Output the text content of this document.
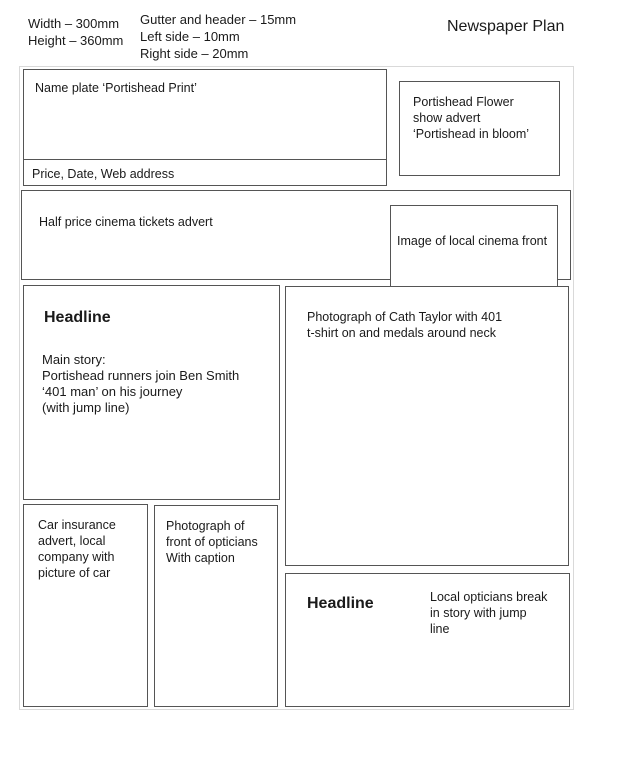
Width – 300mm
Height – 360mm
Gutter and header – 15mm
Left side – 10mm
Right side – 20mm
Newspaper Plan
Name plate ‘Portishead Print’
Price, Date, Web address
Portishead Flower
show advert
‘Portishead in bloom’
Half price cinema tickets advert
Image of local cinema front
Headline
Main story:
Portishead runners join Ben Smith
‘401 man’ on his journey
(with jump line)
Photograph of Cath Taylor with 401
t-shirt on and medals around neck
Car insurance
advert, local
company with
picture of car
Photograph of
front of opticians
With caption
Headline	Local opticians break
in story with jump
line
